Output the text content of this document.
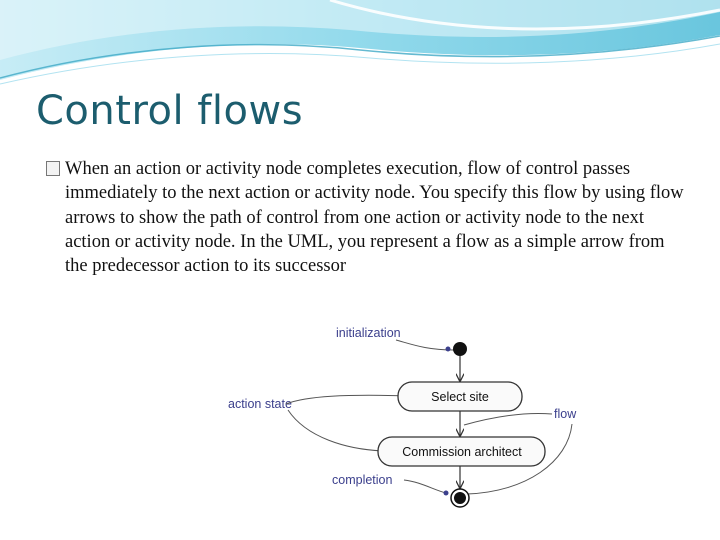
Control flows

When an action or activity node completes execution, flow of control passes immediately to the next action or activity node. You specify this flow by using flow arrows to show the path of control from one action or activity node to the next action or activity node. In the UML, you represent a flow as a simple arrow from the predecessor action to its successor

initialization
action state
flow
completion
Select site
Commission architect
